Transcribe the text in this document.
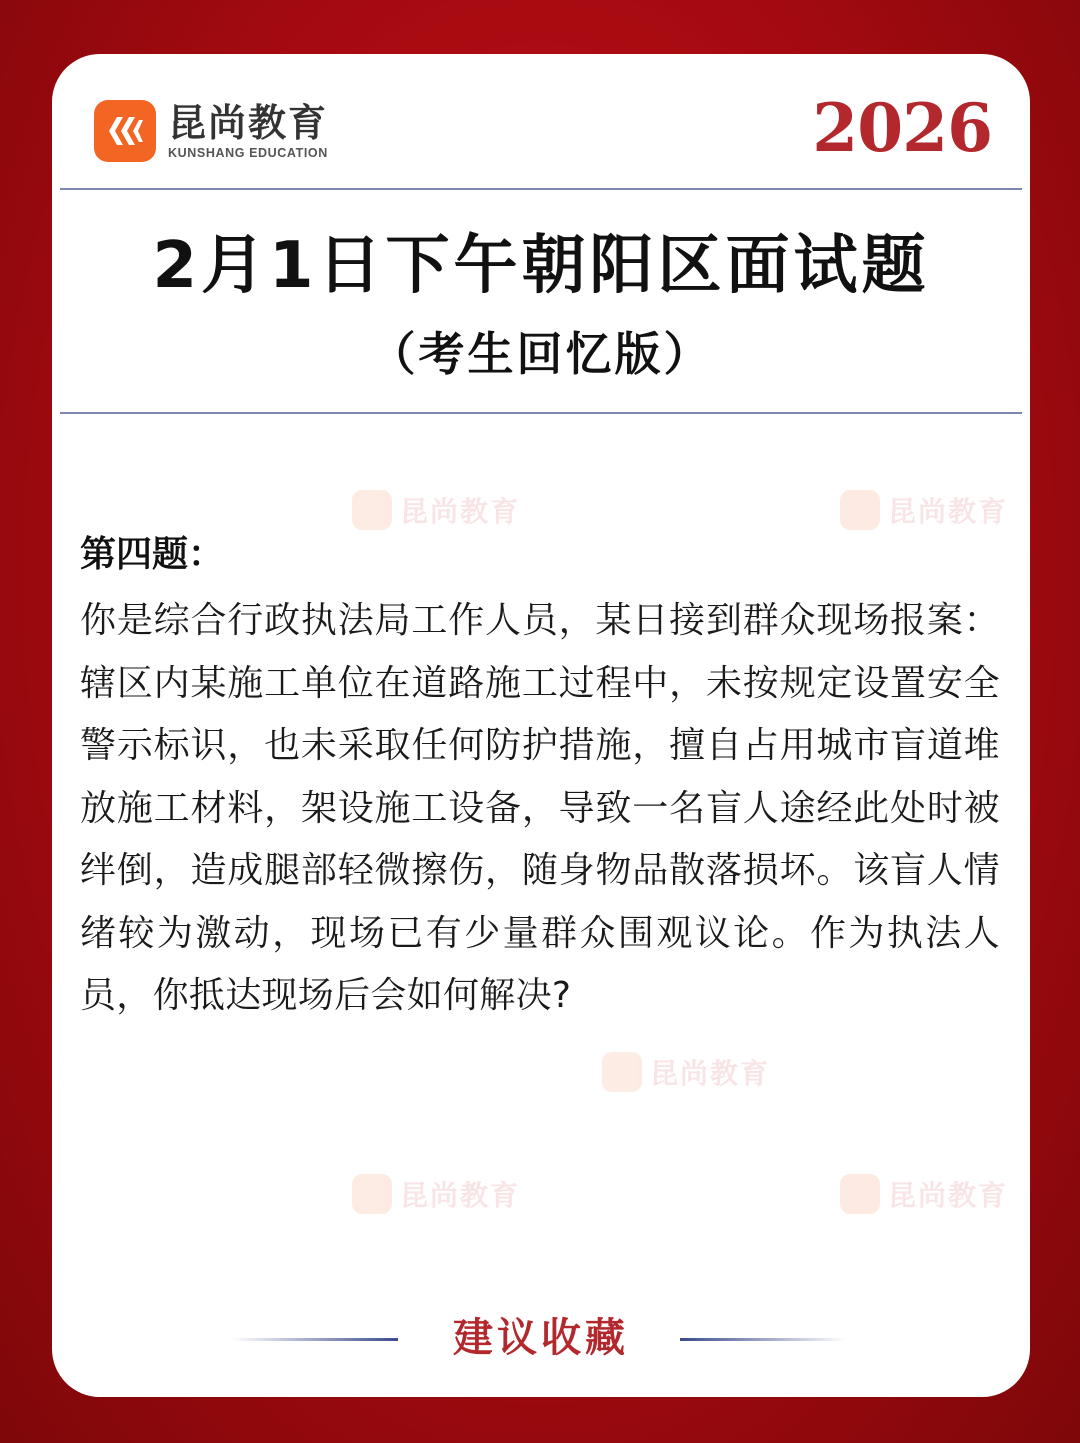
昆尚教育	昆尚教育
昆尚教育
昆尚教育	昆尚教育
昆尚教育
KUNSHANG EDUCATION	2026
2月1日下午朝阳区面试题
（考生回忆版）
第四题：
你是综合行政执法局工作人员，某日接到群众现场报案：辖区内某施工单位在道路施工过程中，未按规定设置安全警示标识，也未采取任何防护措施，擅自占用城市盲道堆放施工材料，架设施工设备，导致一名盲人途经此处时被绊倒，造成腿部轻微擦伤，随身物品散落损坏。该盲人情绪较为激动，现场已有少量群众围观议论。作为执法人员，你抵达现场后会如何解决?
建议收藏
